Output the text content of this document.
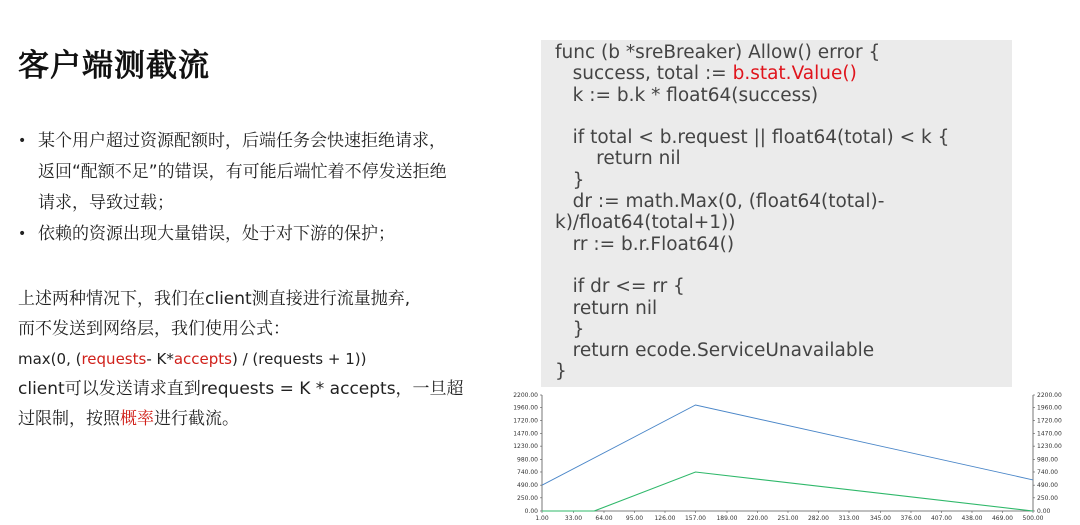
客户端测截流
• 某个用户超过资源配额时，后端任务会快速拒绝请求，返回“配额不足”的错误，有可能后端忙着不停发送拒绝请求，导致过载；
• 依赖的资源出现大量错误，处于对下游的保护；
上述两种情况下，我们在client测直接进行流量抛弃,
而不发送到网络层，我们使用公式：
max(0, (requests- K*accepts) / (requests + 1))
client可以发送请求直到requests = K * accepts，一旦超
过限制，按照概率进行截流。
func (b *sreBreaker) Allow() error {
success, total := b.stat.Value()
k := b.k * float64(success)

if total < b.request || float64(total) < k {
return nil
}
dr := math.Max(0, (float64(total)-
k)/float64(total+1))
rr := b.r.Float64()

if dr <= rr {
return nil
}
return ecode.ServiceUnavailable
}
2200.00	2200.00
1960.00	1960.00
1720.00	1720.00
1470.00	1470.00
1230.00	1230.00
980.00	980.00
740.00	740.00
490.00	490.00
250.00	250.00
0.00	0.00
1.00	33.00 64.00 95.00 126.00 157.00 189.00 220.00 251.00 282.00 313.00 345.00 376.00 407.00 438.00 469.00 500.00
